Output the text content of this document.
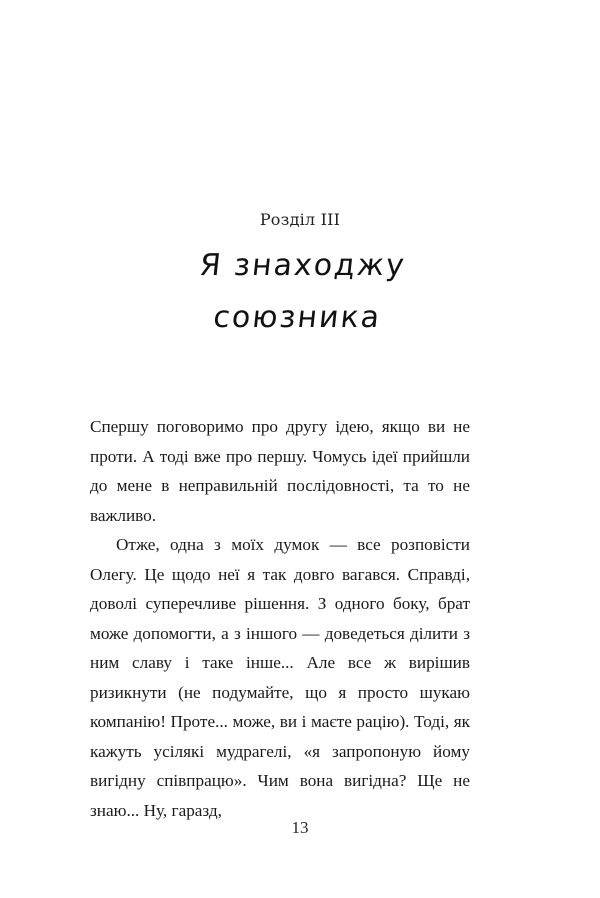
Розділ III
Я знаходжу
союзника

Спершу поговоримо про другу ідею, якщо ви не проти. А тоді вже про першу. Чомусь ідеї прийшли до мене в неправильній послідовності, та то не важливо.

Отже, одна з моїх думок — все розповісти Олегу. Це щодо неї я так довго вагався. Справді, доволі суперечливе рішення. З одного боку, брат може допомогти, а з іншого — доведеться ділити з ним славу і таке інше... Але все ж вирішив ризикнути (не подумайте, що я просто шукаю компанію! Проте... може, ви і маєте рацію). Тоді, як кажуть усілякі мудрагелі, «я запропоную йому вигідну співпрацю». Чим вона вигідна? Ще не знаю... Ну, гаразд,

13
